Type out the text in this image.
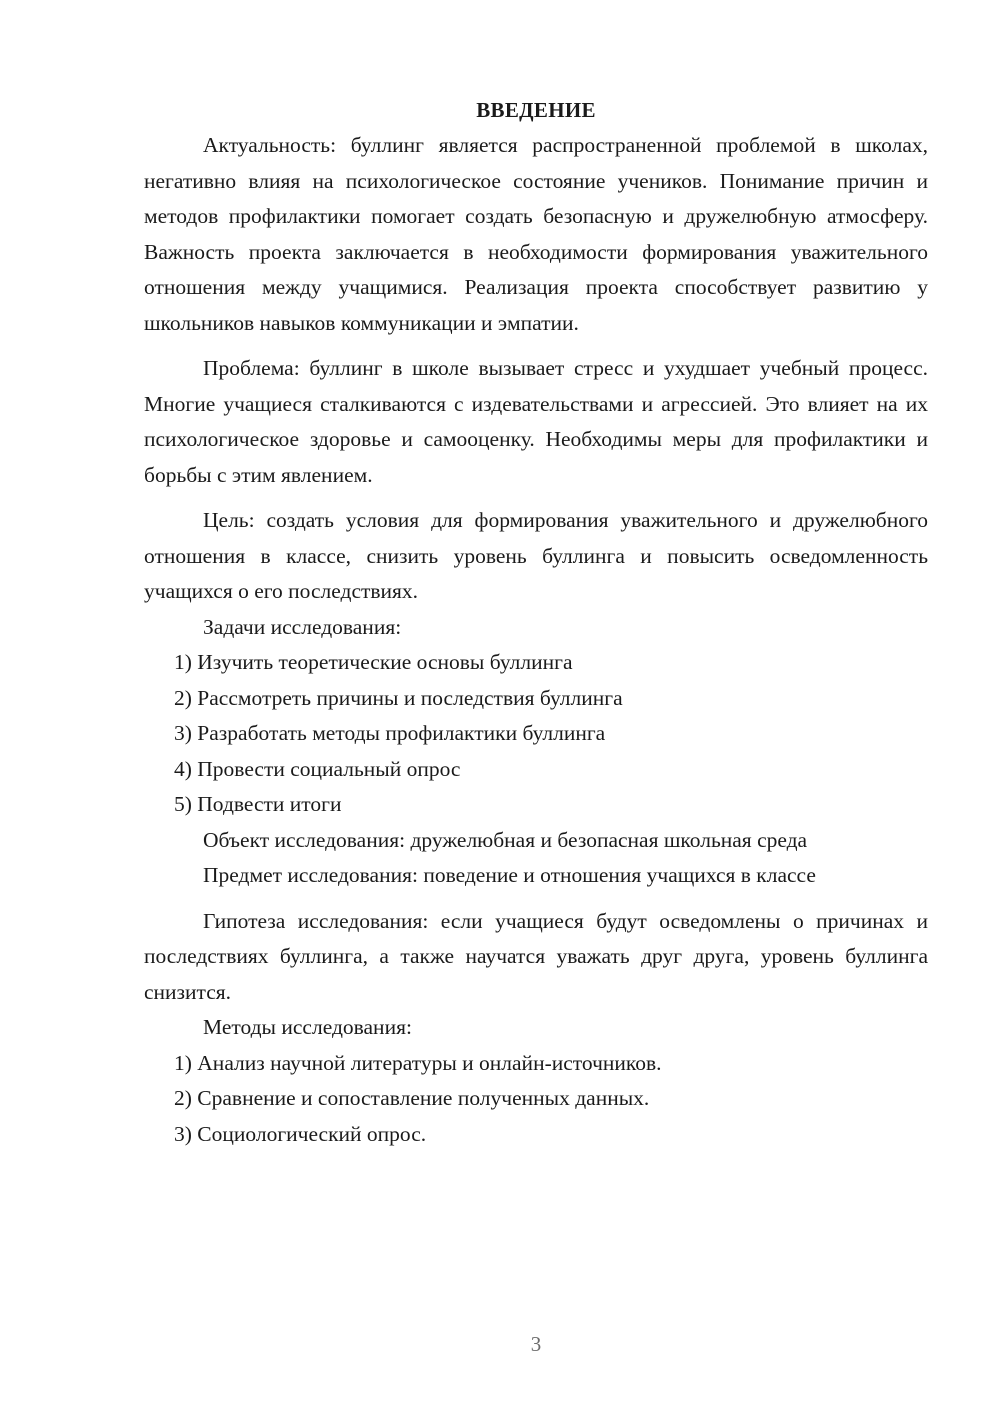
ВВЕДЕНИЕ

Актуальность: буллинг является распространенной проблемой в школах, негативно влияя на психологическое состояние учеников. Понимание причин и методов профилактики помогает создать безопасную и дружелюбную атмосферу. Важность проекта заключается в необходимости формирования уважительного отношения между учащимися. Реализация проекта способствует развитию у школьников навыков коммуникации и эмпатии.

Проблема: буллинг в школе вызывает стресс и ухудшает учебный процесс. Многие учащиеся сталкиваются с издевательствами и агрессией. Это влияет на их психологическое здоровье и самооценку. Необходимы меры для профилактики и борьбы с этим явлением.

Цель: создать условия для формирования уважительного и дружелюбного отношения в классе, снизить уровень буллинга и повысить осведомленность учащихся о его последствиях.

Задачи исследования:

1) Изучить теоретические основы буллинга

2) Рассмотреть причины и последствия буллинга

3) Разработать методы профилактики буллинга

4) Провести социальный опрос

5) Подвести итоги

Объект исследования: дружелюбная и безопасная школьная среда

Предмет исследования: поведение и отношения учащихся в классе

Гипотеза исследования: если учащиеся будут осведомлены о причинах и последствиях буллинга, а также научатся уважать друг друга, уровень буллинга снизится.

Методы исследования:

1) Анализ научной литературы и онлайн-источников.

2) Сравнение и сопоставление полученных данных.

3) Социологический опрос.

3
